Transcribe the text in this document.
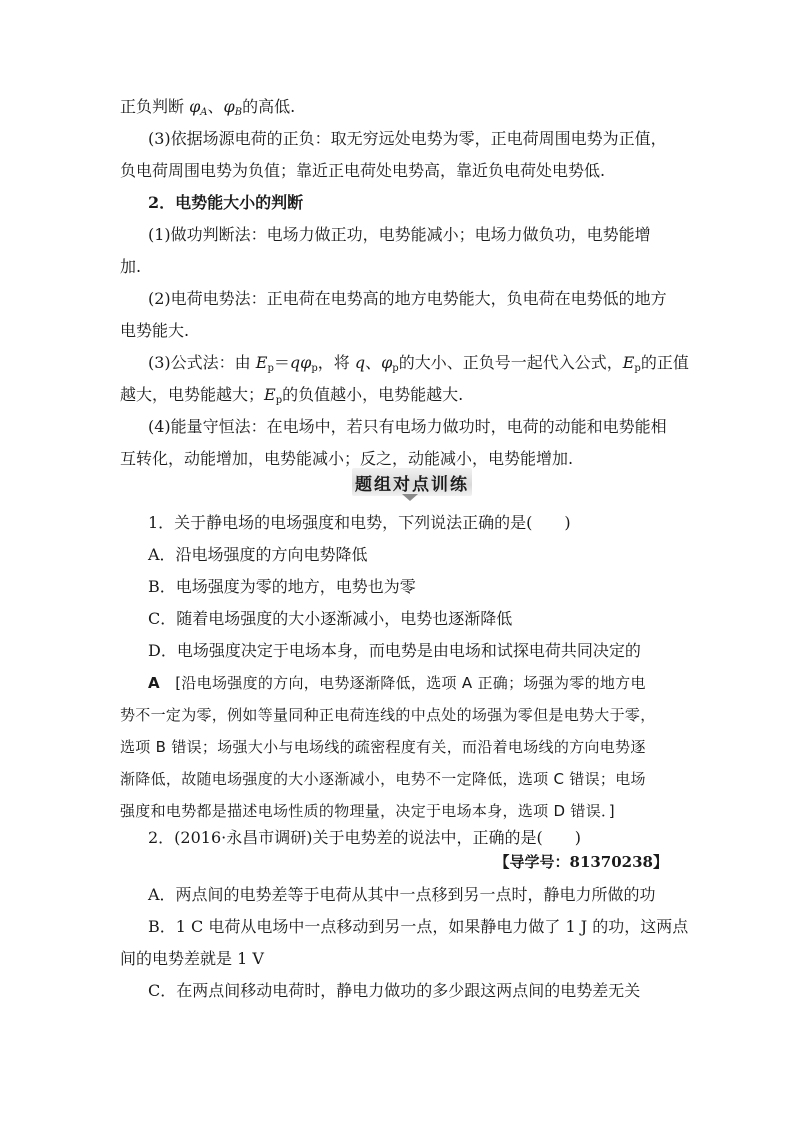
正负判断 $\varphi_A$、$\varphi_B$的高低.
(3)依据场源电荷的正负：取无穷远处电势为零，正电荷周围电势为正值，
负电荷周围电势为负值；靠近正电荷处电势高，靠近负电荷处电势低.
2．电势能大小的判断
(1)做功判断法：电场力做正功，电势能减小；电场力做负功，电势能增
加.
(2)电荷电势法：正电荷在电势高的地方电势能大，负电荷在电势低的地方
电势能大.
(3)公式法：由 $E_p=q\varphi_p$，将 q、$\varphi_p$的大小、正负号一起代入公式，$E_p$的正值
越大，电势能越大；$E_p$的负值越小，电势能越大.
(4)能量守恒法：在电场中，若只有电场力做功时，电荷的动能和电势能相
互转化，动能增加，电势能减小；反之，动能减小，电势能增加.
题组对点训练
1．关于静电场的电场强度和电势，下列说法正确的是(　　)
A．沿电场强度的方向电势降低
B．电场强度为零的地方，电势也为零
C．随着电场强度的大小逐渐减小，电势也逐渐降低
D．电场强度决定于电场本身，而电势是由电场和试探电荷共同决定的
A　[沿电场强度的方向，电势逐渐降低，选项 A 正确；场强为零的地方电
势不一定为零，例如等量同种正电荷连线的中点处的场强为零但是电势大于零，
选项 B 错误；场强大小与电场线的疏密程度有关，而沿着电场线的方向电势逐
渐降低，故随电场强度的大小逐渐减小，电势不一定降低，选项 C 错误；电场
强度和电势都是描述电场性质的物理量，决定于电场本身，选项 D 错误．]
2．(2016·永昌市调研)关于电势差的说法中，正确的是(　　)
【导学号：81370238】
A．两点间的电势差等于电荷从其中一点移到另一点时，静电力所做的功
B．1 C 电荷从电场中一点移动到另一点，如果静电力做了 1 J 的功，这两点
间的电势差就是 1 V
C．在两点间移动电荷时，静电力做功的多少跟这两点间的电势差无关
